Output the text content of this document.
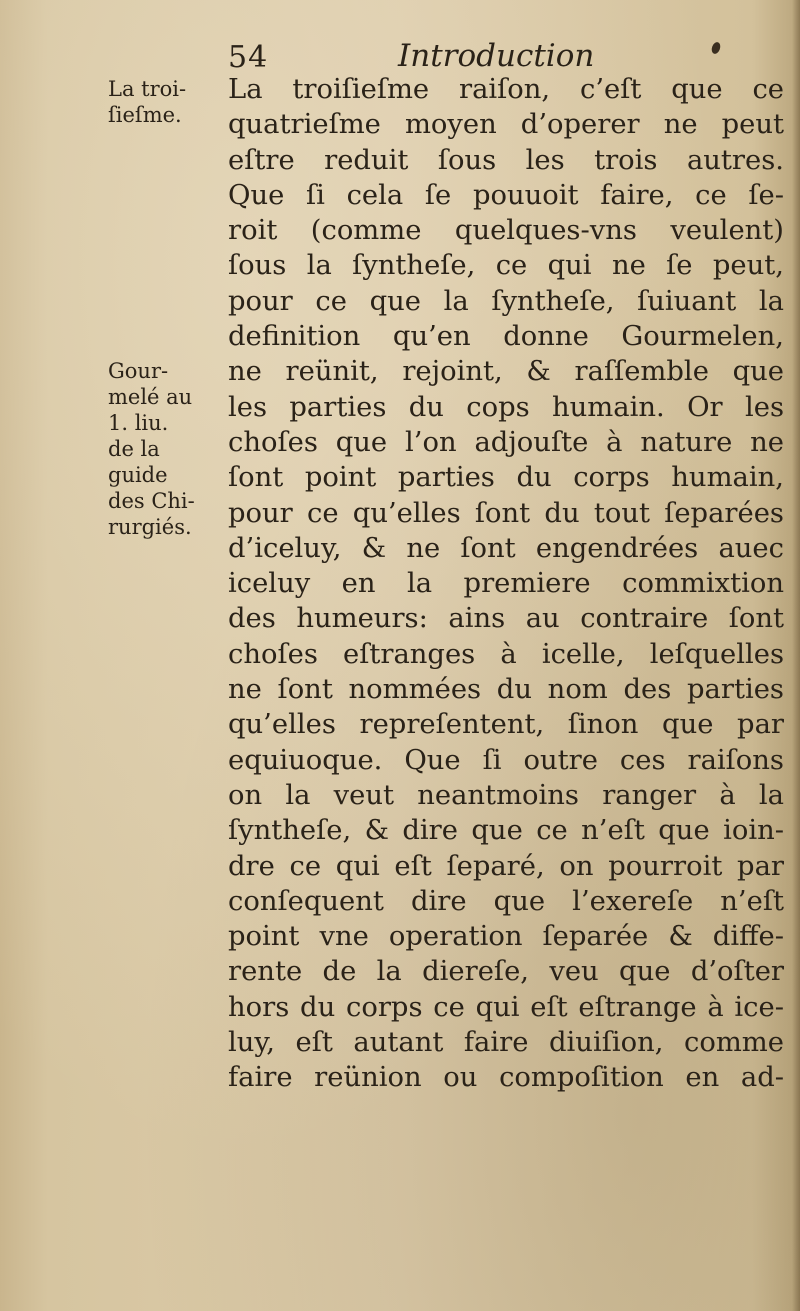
54	Introduction
La troi-
ſieſme.
Gour-
melé au
1. liu.
de la
guide
des Chi-
rurgiés.
La troiſieſme raiſon, c’eſt que ce
quatrieſme moyen d’operer ne peut
eſtre reduit ſous les trois autres.
Que ſi cela ſe pouuoit faire, ce ſe-
roit (comme quelques-vns veulent)
ſous la ſyntheſe, ce qui ne ſe peut,
pour ce que la ſyntheſe, ſuiuant la
definition qu’en donne Gourmelen,
ne reünit, rejoint, & raſſemble que
les parties du cops humain. Or les
choſes que l’on adjouſte à nature ne
ſont point parties du corps humain,
pour ce qu’elles ſont du tout ſeparées
d’iceluy, & ne ſont engendrées auec
iceluy en la premiere commixtion
des humeurs: ains au contraire ſont
choſes eſtranges à icelle, leſquelles
ne ſont nommées du nom des parties
qu’elles repreſentent, ſinon que par
equiuoque. Que ſi outre ces raiſons
on la veut neantmoins ranger à la
ſyntheſe, & dire que ce n’eſt que ioin-
dre ce qui eſt ſeparé, on pourroit par
conſequent dire que l’exereſe n’eſt
point vne operation ſeparée & diffe-
rente de la diereſe, veu que d’oſter
hors du corps ce qui eſt eſtrange à ice-
luy, eſt autant faire diuiſion, comme
faire reünion ou compoſition en ad-
